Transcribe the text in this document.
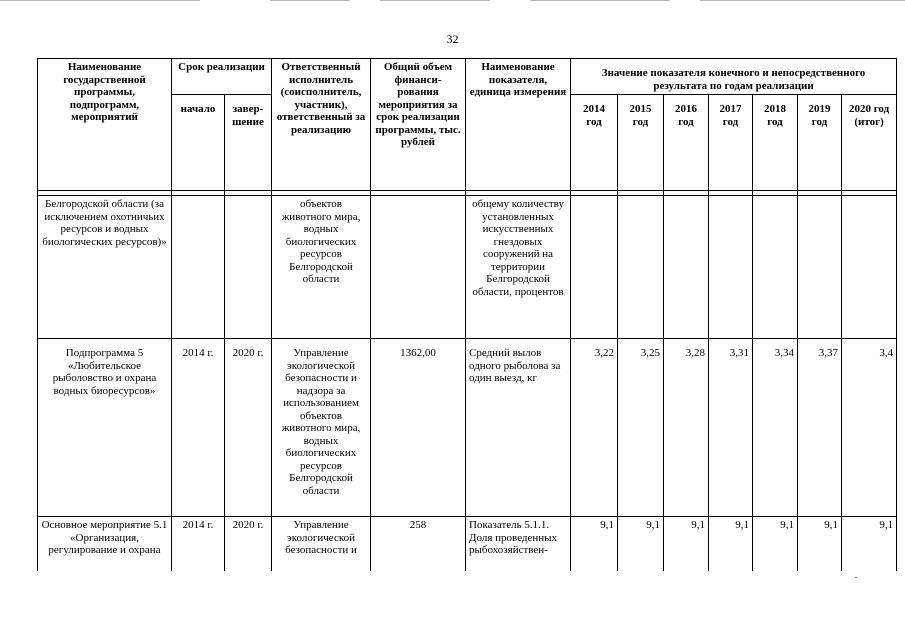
32
Наименование государственной программы, подпрограмм, мероприятий	Срок реализации		Ответственный исполнитель (соисполнитель, участник), ответственный за реализацию	Общий объем финанси-рования мероприятия за срок реализации программы, тыс. рублей	Наименование показателя, единица измерения	Значение показателя конечного и непосредственного результата по годам реализации						
	начало	завер-шение				2014 год	2015 год	2016 год	2017 год	2018 год	2019 год	2020 год (итог)
Белгородской области (за исключением охотничьих ресурсов и водных биологических ресурсов)»			объектов животного мира, водных биологических ресурсов Белгородской области		общему количеству установленных искусственных гнездовых сооружений на территории Белгородской области, процентов							
Подпрограмма 5 «Любительское рыболовство и охрана водных биоресурсов»	2014 г.	2020 г.	Управление экологической безопасности и надзора за использованием объектов животного мира, водных биологических ресурсов Белгородской области	1362,00	Средний вылов одного рыболова за один выезд, кг	3,22	3,25	3,28	3,31	3,34	3,37	3,4
Основное мероприятие 5.1 «Организация, регулирование и охрана	2014 г.	2020 г.	Управление экологической безопасности и	258	Показатель 5.1.1. Доля проведенных рыбохозяйствен-	9,1	9,1	9,1	9,1	9,1	9,1	9,1
